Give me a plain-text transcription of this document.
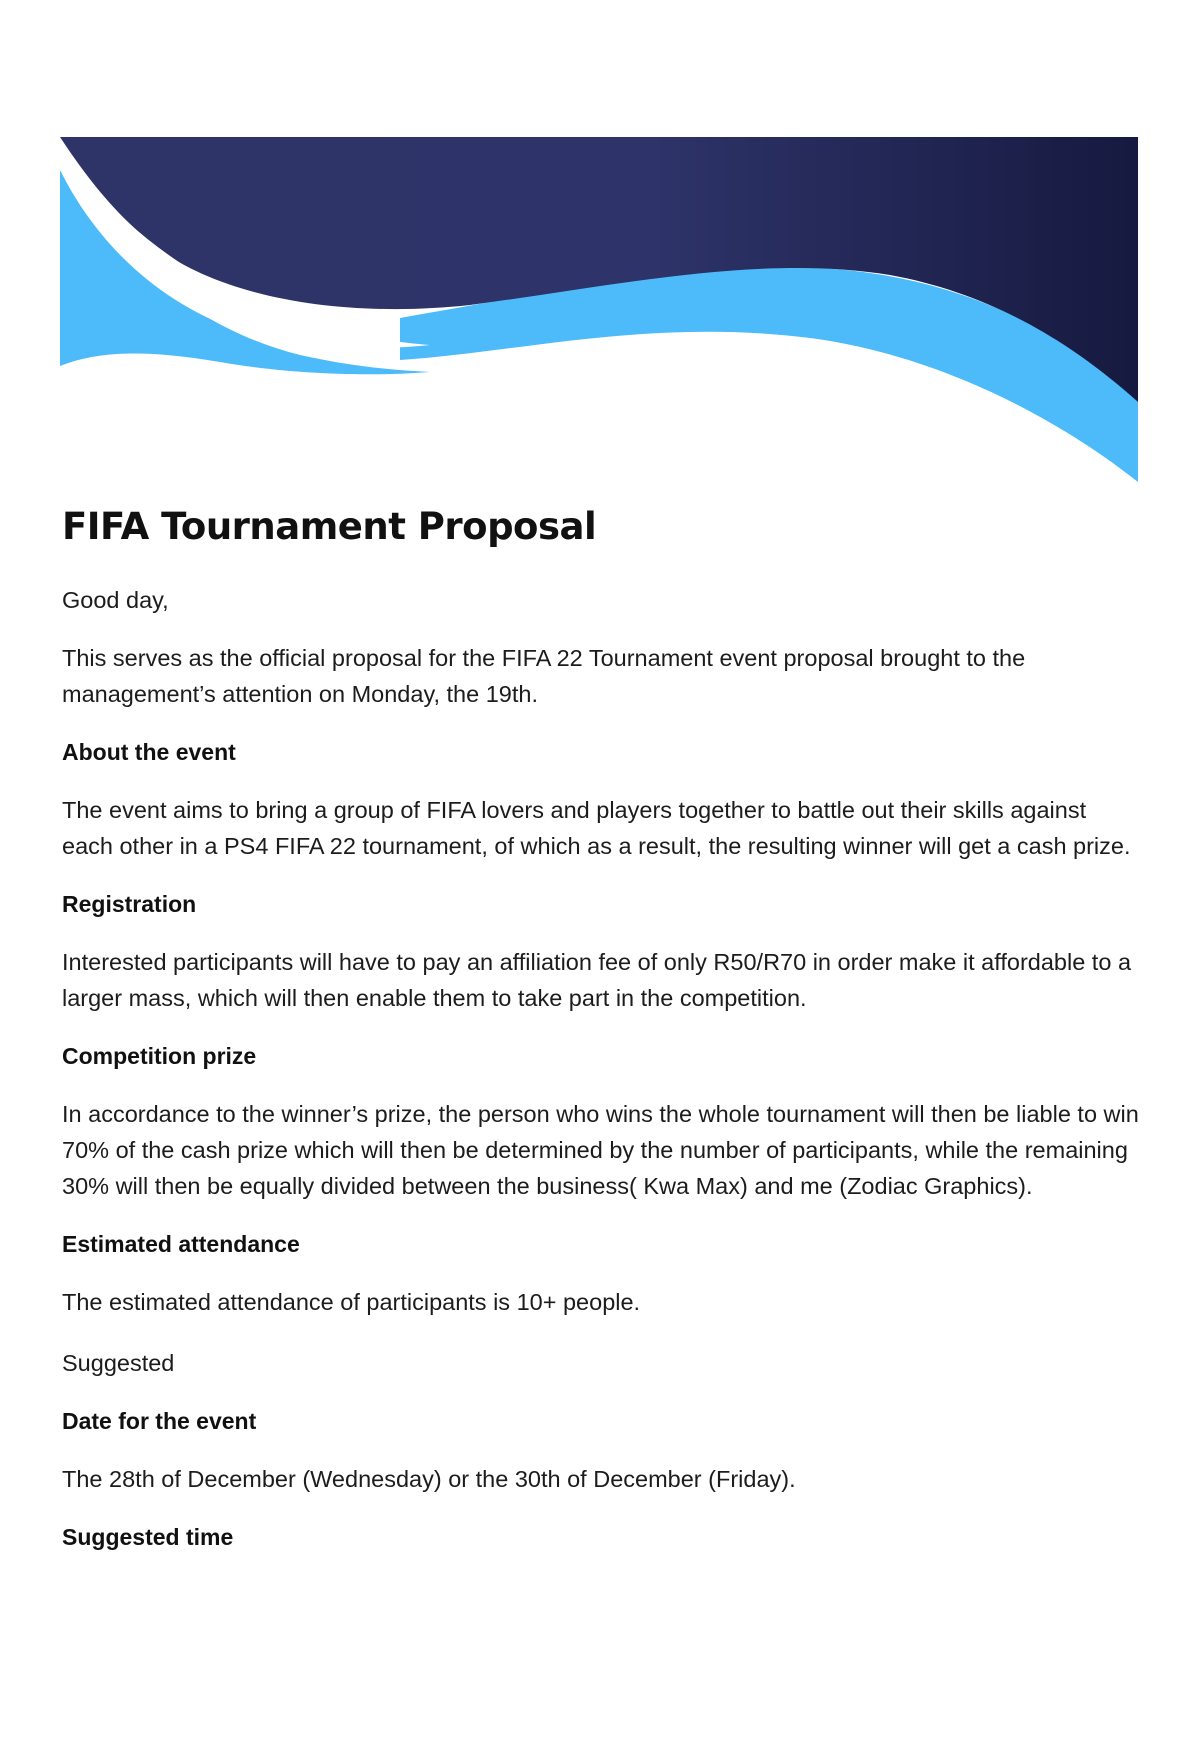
FIFA Tournament Proposal

Good day,

This serves as the official proposal for the FIFA 22 Tournament event proposal brought to the management’s attention on Monday, the 19th.

About the event

The event aims to bring a group of FIFA lovers and players together to battle out their skills against each other in a PS4 FIFA 22 tournament, of which as a result, the resulting winner will get a cash prize.

Registration

Interested participants will have to pay an affiliation fee of only R50/R70 in order make it affordable to a larger mass, which will then enable them to take part in the competition.

Competition prize

In accordance to the winner’s prize, the person who wins the whole tournament will then be liable to win 70% of the cash prize which will then be determined by the number of participants, while the remaining 30% will then be equally divided between the business( Kwa Max) and me (Zodiac Graphics).

Estimated attendance

The estimated attendance of participants is 10+ people.

Suggested

Date for the event

The 28th of December (Wednesday) or the 30th of December (Friday).

Suggested time
